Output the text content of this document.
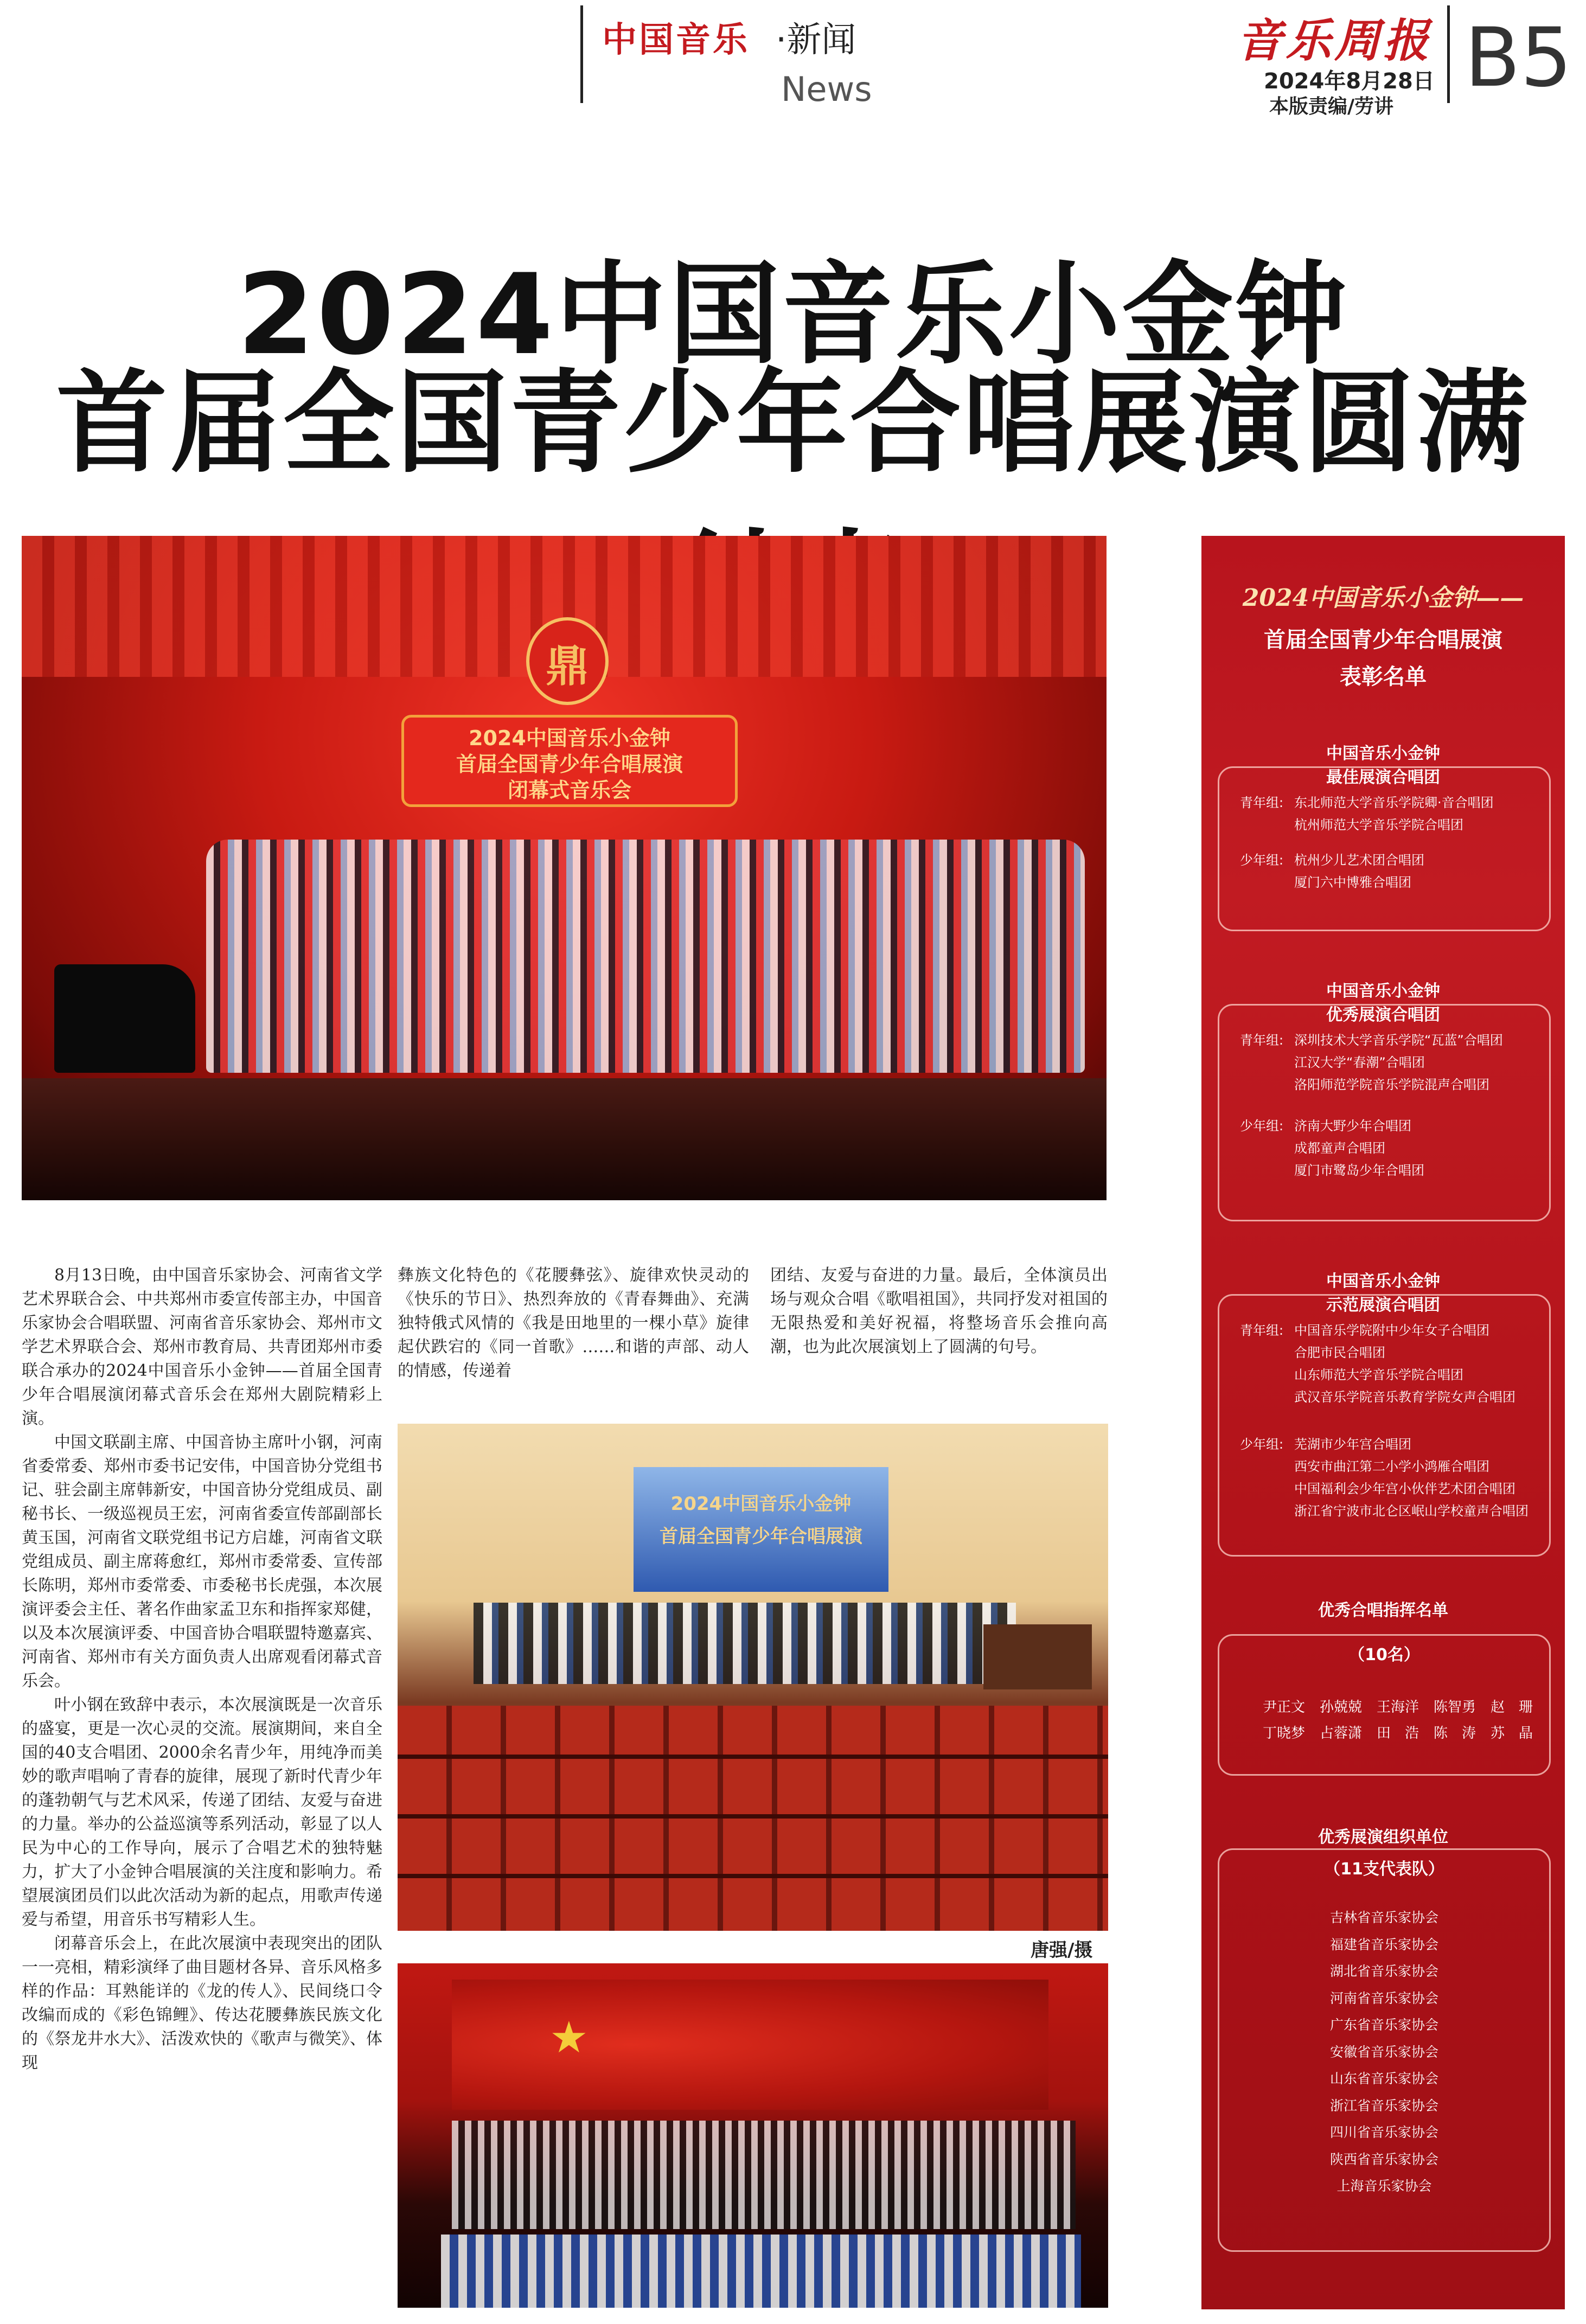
中国音乐 ·新闻
News
音乐周报
2024年8月28日
本版责编/劳讲
B5
2024中国音乐小金钟
首届全国青少年合唱展演圆满
鼎
2024中国音乐小金钟
首届全国青少年合唱展演
闭幕式音乐会

8月13日晚，由中国音乐家协会、河南省文学艺术界联合会、中共郑州市委宣传部主办，中国音乐家协会合唱联盟、河南省音乐家协会、郑州市文学艺术界联合会、郑州市教育局、共青团郑州市委联合承办的2024中国音乐小金钟——首届全国青少年合唱展演闭幕式音乐会在郑州大剧院精彩上演。

中国文联副主席、中国音协主席叶小钢，河南省委常委、郑州市委书记安伟，中国音协分党组书记、驻会副主席韩新安，中国音协分党组成员、副秘书长、一级巡视员王宏，河南省委宣传部副部长黄玉国，河南省文联党组书记方启雄，河南省文联党组成员、副主席蒋愈红，郑州市委常委、宣传部长陈明，郑州市委常委、市委秘书长虎强，本次展演评委会主任、著名作曲家孟卫东和指挥家郑健，以及本次展演评委、中国音协合唱联盟特邀嘉宾、河南省、郑州市有关方面负责人出席观看闭幕式音乐会。

叶小钢在致辞中表示，本次展演既是一次音乐的盛宴，更是一次心灵的交流。展演期间，来自全国的40支合唱团、2000余名青少年，用纯净而美妙的歌声唱响了青春的旋律，展现了新时代青少年的蓬勃朝气与艺术风采，传递了团结、友爱与奋进的力量。举办的公益巡演等系列活动，彰显了以人民为中心的工作导向，展示了合唱艺术的独特魅力，扩大了小金钟合唱展演的关注度和影响力。希望展演团员们以此次活动为新的起点，用歌声传递爱与希望，用音乐书写精彩人生。

闭幕音乐会上，在此次展演中表现突出的团队一一亮相，精彩演绎了曲目题材各异、音乐风格多样的作品：耳熟能详的《龙的传人》、民间绕口令改编而成的《彩色锦鲤》、传达花腰彝族民族文化的《祭龙井水大》、活泼欢快的《歌声与微笑》、体现

彝族文化特色的《花腰彝弦》、旋律欢快灵动的《快乐的节日》、热烈奔放的《青春舞曲》、充满独特俄式风情的《我是田地里的一棵小草》旋律起伏跌宕的《同一首歌》……和谐的声部、动人的情感，传递着

团结、友爱与奋进的力量。最后，全体演员出场与观众合唱《歌唱祖国》，共同抒发对祖国的无限热爱和美好祝福，将整场音乐会推向高潮，也为此次展演划上了圆满的句号。

2024中国音乐小金钟
首届全国青少年合唱展演
唐强/摄
★
2024中国音乐小金钟——
首届全国青少年合唱展演
表彰名单
中国音乐小金钟
最佳展演合唱团
青年组: 东北师范大学音乐学院卿·音合唱团
杭州师范大学音乐学院合唱团
少年组: 杭州少儿艺术团合唱团
厦门六中博雅合唱团
中国音乐小金钟
优秀展演合唱团
青年组: 深圳技术大学音乐学院“瓦蓝”合唱团
江汉大学“春潮”合唱团
洛阳师范学院音乐学院混声合唱团
少年组: 济南大野少年合唱团
成都童声合唱团
厦门市鹭岛少年合唱团
中国音乐小金钟
示范展演合唱团
青年组: 中国音乐学院附中少年女子合唱团
合肥市民合唱团
山东师范大学音乐学院合唱团
武汉音乐学院音乐教育学院女声合唱团
少年组: 芜湖市少年宫合唱团
西安市曲江第二小学小鸿雁合唱团
中国福利会少年宫小伙伴艺术团合唱团
浙江省宁波市北仑区岷山学校童声合唱团
优秀合唱指挥名单
（10名）
尹正文 孙兢兢 王海洋 陈智勇 赵　珊
丁晓梦 占蓉潇 田　浩 陈　涛 苏　晶
优秀展演组织单位
（11支代表队）
吉林省音乐家协会
福建省音乐家协会
湖北省音乐家协会
河南省音乐家协会
广东省音乐家协会
安徽省音乐家协会
山东省音乐家协会
浙江省音乐家协会
四川省音乐家协会
陕西省音乐家协会
上海音乐家协会
